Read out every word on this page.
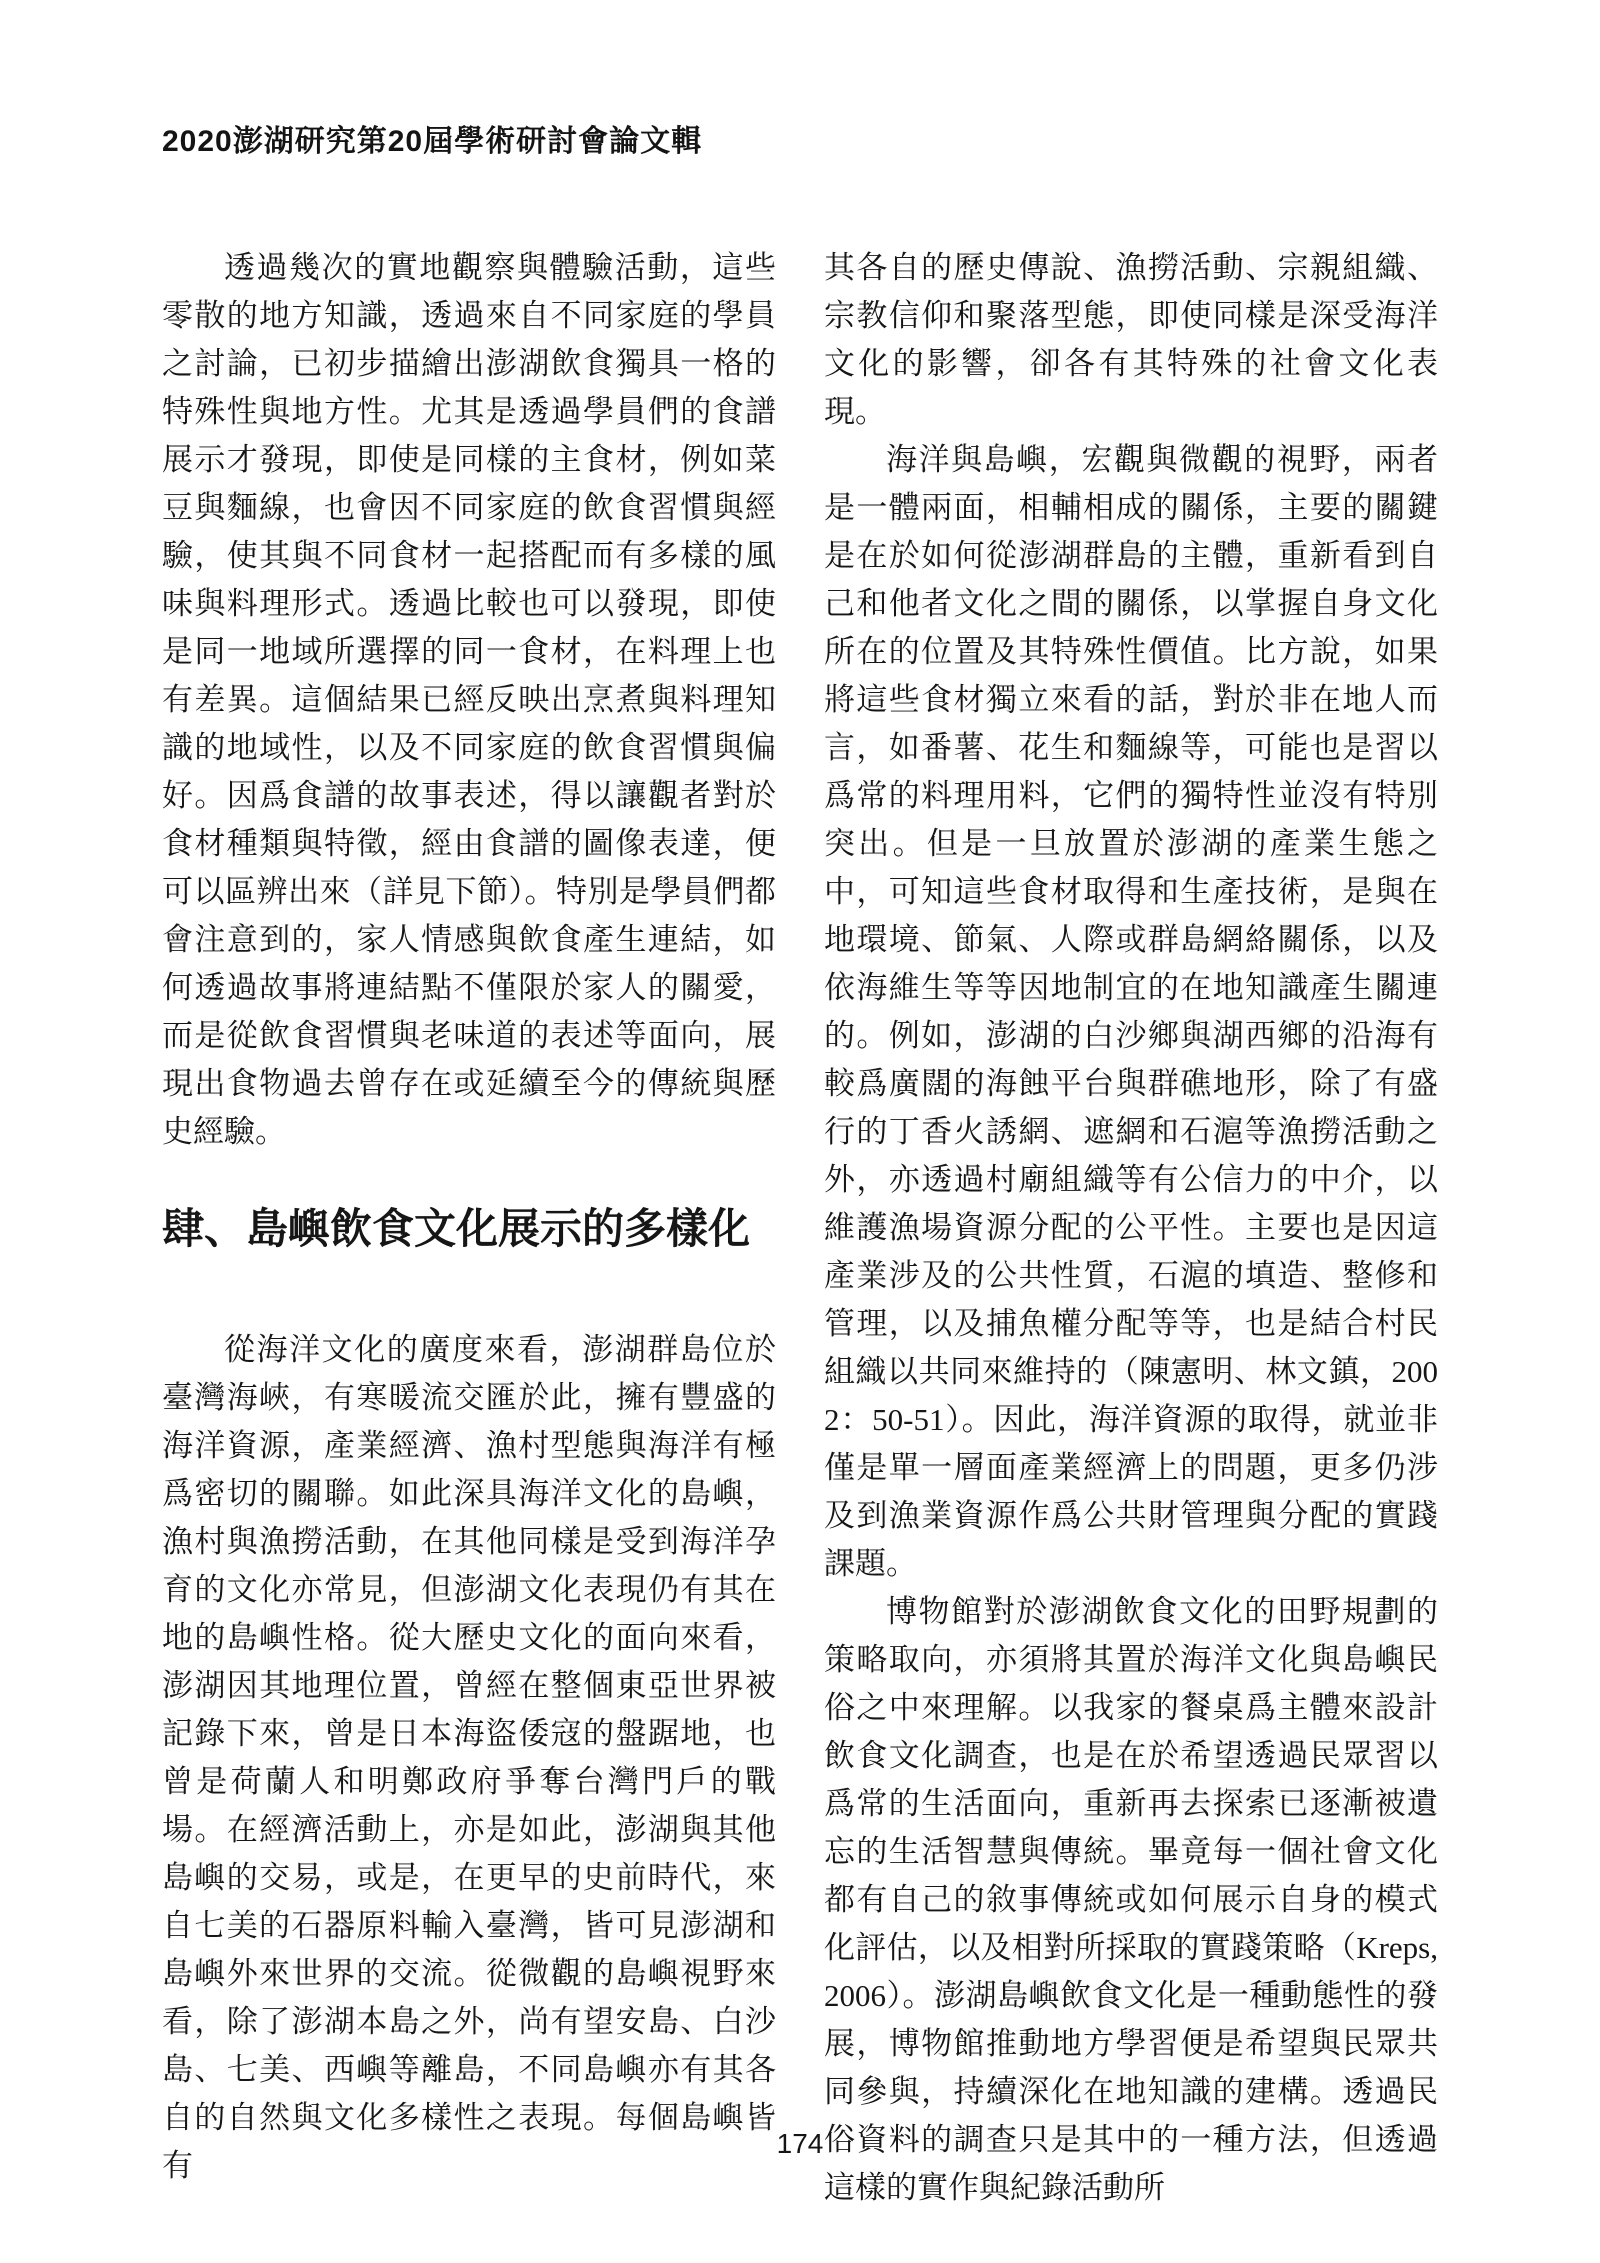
2020澎湖研究第20屆學術研討會論文輯

透過幾次的實地觀察與體驗活動，這些零散的地方知識，透過來自不同家庭的學員之討論，已初步描繪出澎湖飲食獨具一格的特殊性與地方性。尤其是透過學員們的食譜展示才發現，即使是同樣的主食材，例如菜豆與麵線，也會因不同家庭的飲食習慣與經驗，使其與不同食材一起搭配而有多樣的風味與料理形式。透過比較也可以發現，即使是同一地域所選擇的同一食材，在料理上也有差異。這個結果已經反映出烹煮與料理知識的地域性，以及不同家庭的飲食習慣與偏好。因爲食譜的故事表述，得以讓觀者對於食材種類與特徵，經由食譜的圖像表達，便可以區辨出來（詳見下節）。特別是學員們都會注意到的，家人情感與飲食產生連結，如何透過故事將連結點不僅限於家人的關愛，而是從飲食習慣與老味道的表述等面向，展現出食物過去曾存在或延續至今的傳統與歷史經驗。

肆、島嶼飲食文化展示的多樣化

從海洋文化的廣度來看，澎湖群島位於臺灣海峽，有寒暖流交匯於此，擁有豐盛的海洋資源，產業經濟、漁村型態與海洋有極爲密切的關聯。如此深具海洋文化的島嶼，漁村與漁撈活動，在其他同樣是受到海洋孕育的文化亦常見，但澎湖文化表現仍有其在地的島嶼性格。從大歷史文化的面向來看，澎湖因其地理位置，曾經在整個東亞世界被記錄下來，曾是日本海盜倭寇的盤踞地，也曾是荷蘭人和明鄭政府爭奪台灣門戶的戰場。在經濟活動上，亦是如此，澎湖與其他島嶼的交易，或是，在更早的史前時代，來自七美的石器原料輸入臺灣，皆可見澎湖和島嶼外來世界的交流。從微觀的島嶼視野來看，除了澎湖本島之外，尚有望安島、白沙島、七美、西嶼等離島，不同島嶼亦有其各自的自然與文化多樣性之表現。每個島嶼皆有

其各自的歷史傳說、漁撈活動、宗親組織、宗教信仰和聚落型態，即使同樣是深受海洋文化的影響，卻各有其特殊的社會文化表現。

海洋與島嶼，宏觀與微觀的視野，兩者是一體兩面，相輔相成的關係，主要的關鍵是在於如何從澎湖群島的主體，重新看到自己和他者文化之間的關係，以掌握自身文化所在的位置及其特殊性價值。比方說，如果將這些食材獨立來看的話，對於非在地人而言，如番薯、花生和麵線等，可能也是習以爲常的料理用料，它們的獨特性並沒有特別突出。但是一旦放置於澎湖的產業生態之中，可知這些食材取得和生產技術，是與在地環境、節氣、人際或群島網絡關係，以及依海維生等等因地制宜的在地知識產生關連的。例如，澎湖的白沙鄉與湖西鄉的沿海有較爲廣闊的海蝕平台與群礁地形，除了有盛行的丁香火誘網、遮網和石滬等漁撈活動之外，亦透過村廟組織等有公信力的中介，以維護漁場資源分配的公平性。主要也是因這產業涉及的公共性質，石滬的填造、整修和管理，以及捕魚權分配等等，也是結合村民組織以共同來維持的（陳憲明、林文鎮，2002：50-51）。因此，海洋資源的取得，就並非僅是單一層面產業經濟上的問題，更多仍涉及到漁業資源作爲公共財管理與分配的實踐課題。

博物館對於澎湖飲食文化的田野規劃的策略取向，亦須將其置於海洋文化與島嶼民俗之中來理解。以我家的餐桌爲主體來設計飲食文化調查，也是在於希望透過民眾習以爲常的生活面向，重新再去探索已逐漸被遺忘的生活智慧與傳統。畢竟每一個社會文化都有自己的敘事傳統或如何展示自身的模式化評估，以及相對所採取的實踐策略（Kreps, 2006）。澎湖島嶼飲食文化是一種動態性的發展，博物館推動地方學習便是希望與民眾共同參與，持續深化在地知識的建構。透過民俗資料的調查只是其中的一種方法，但透過這樣的實作與紀錄活動所

174
